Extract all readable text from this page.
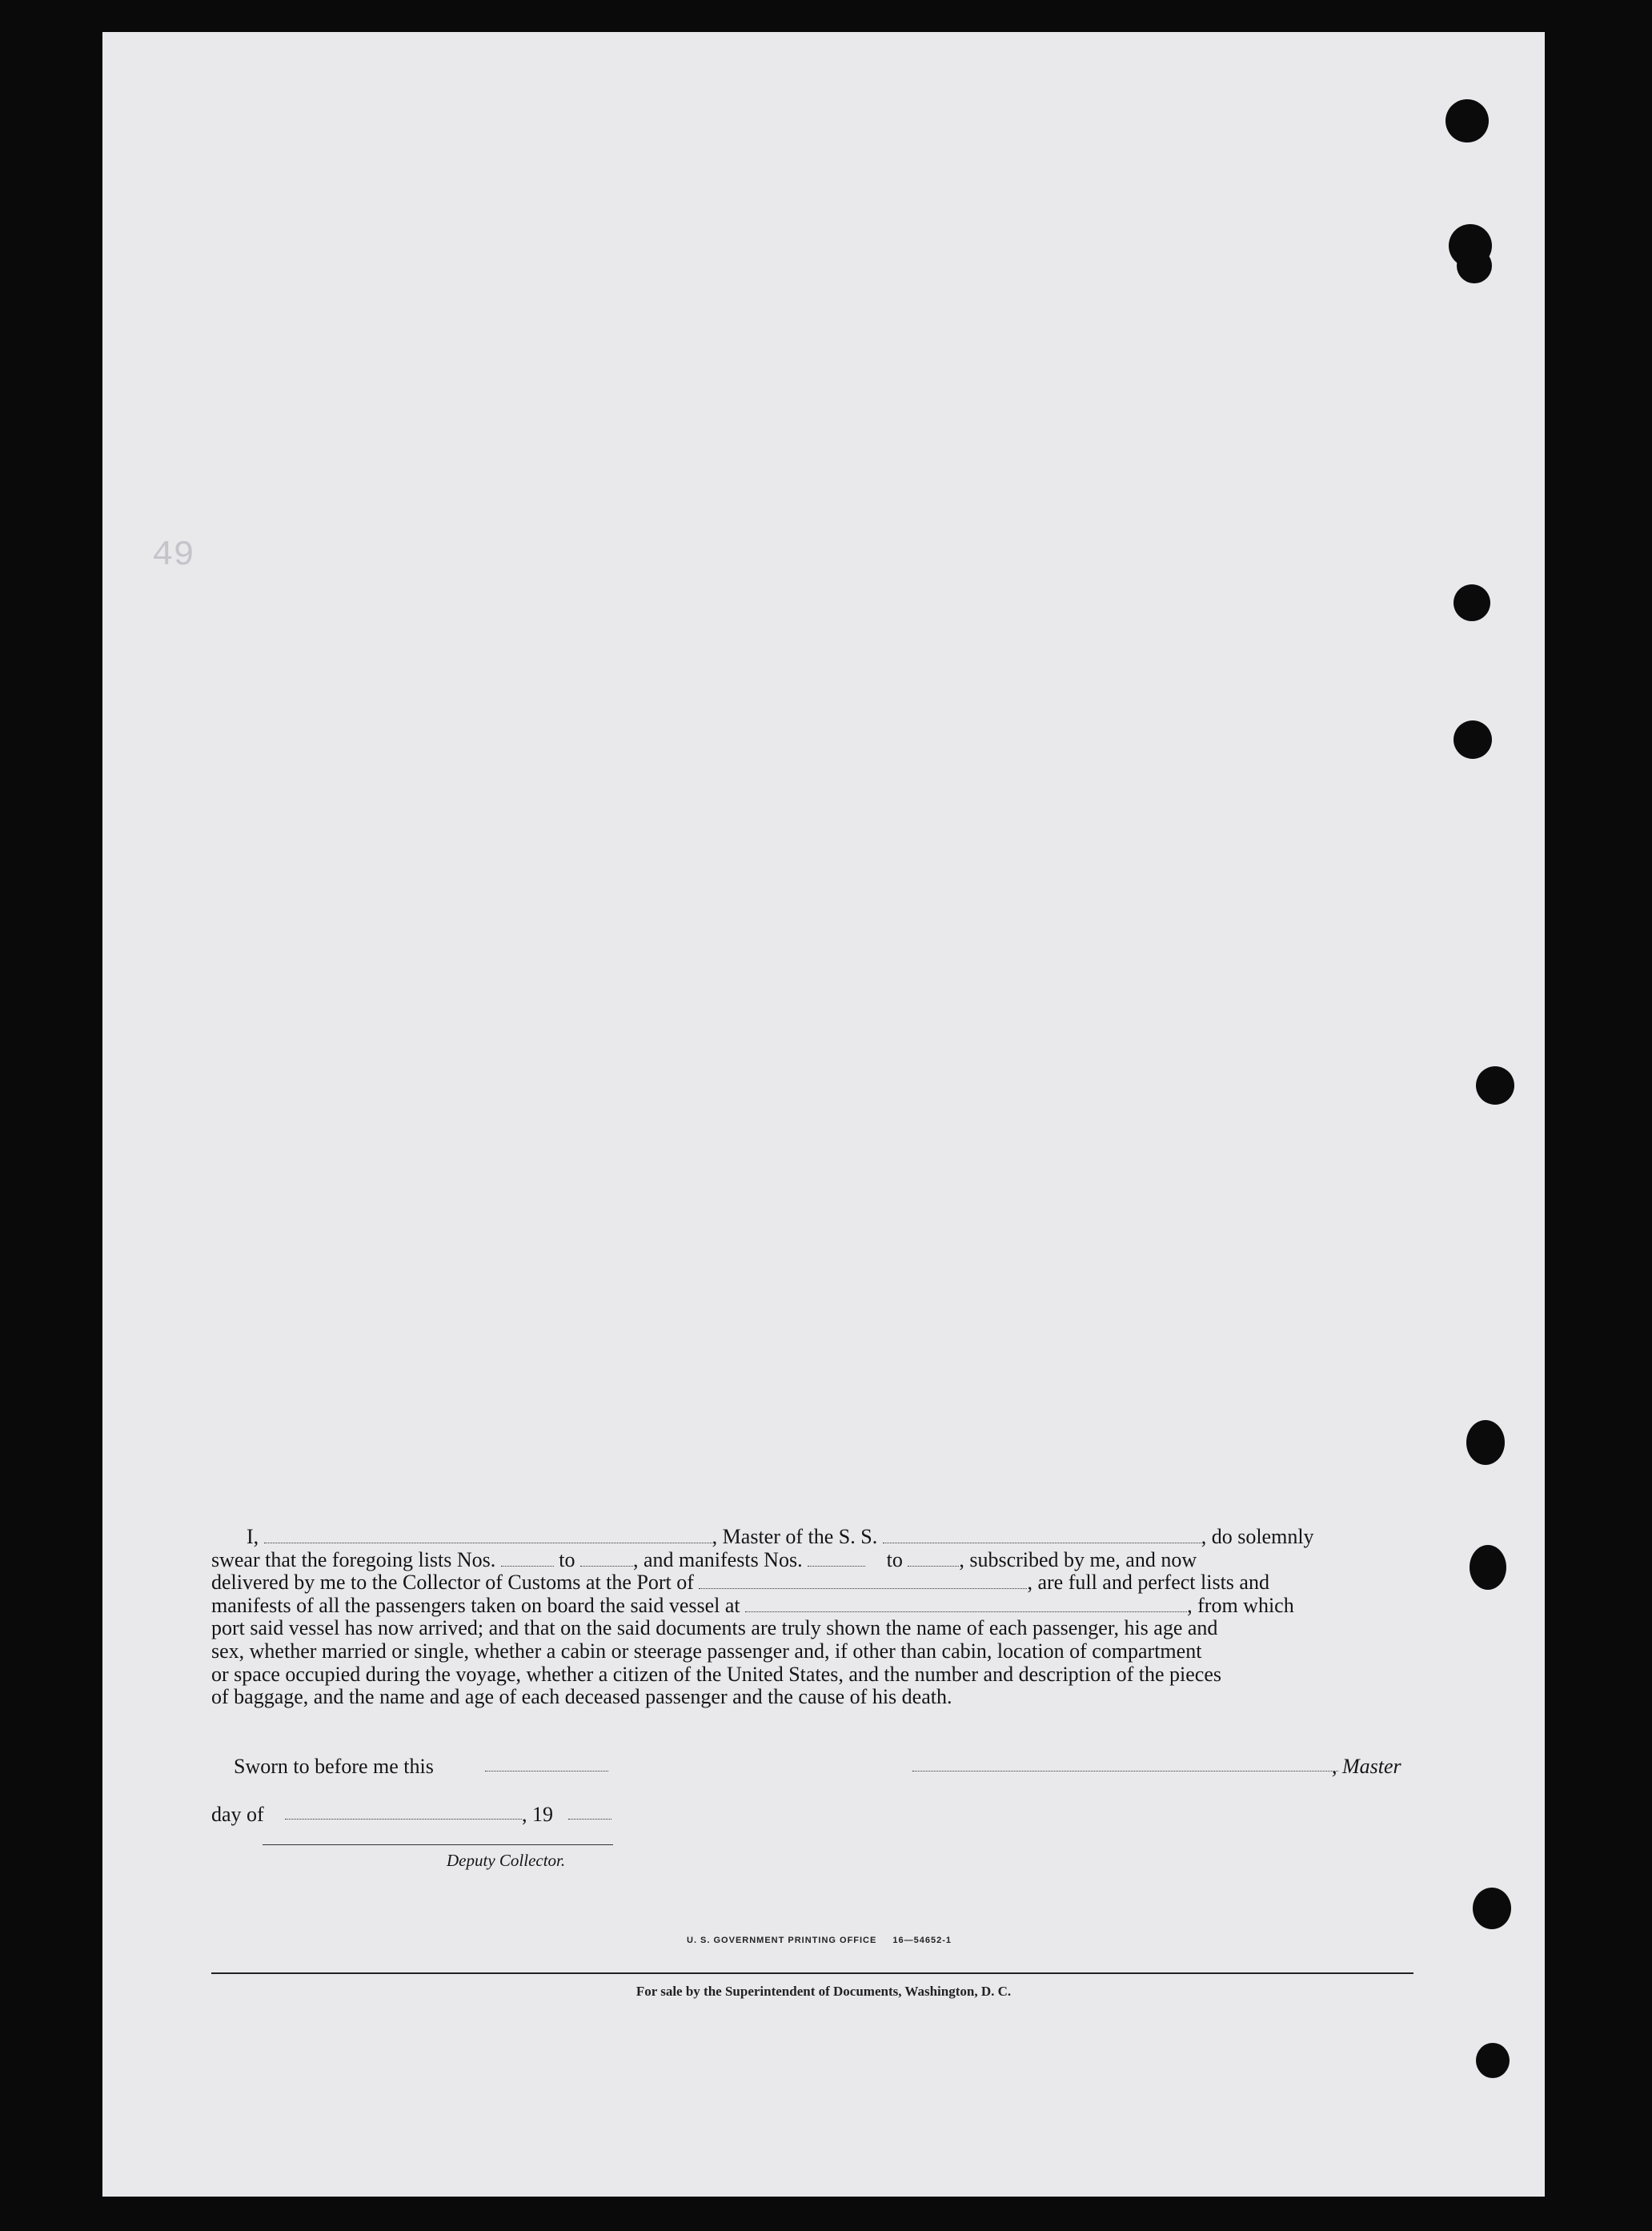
49
I,	, Master of the S. S.	, do solemnly
swear that the foregoing lists Nos.	to	, and manifests Nos.	to	, subscribed by me, and now
delivered by me to the Collector of Customs at the Port of	, are full and perfect lists and
manifests of all the passengers taken on board the said vessel at	, from which
port said vessel has now arrived; and that on the said documents are truly shown the name of each passenger, his age and
sex, whether married or single, whether a cabin or steerage passenger and, if other than cabin, location of compartment
or space occupied during the voyage, whether a citizen of the United States, and the number and description of the pieces
of baggage, and the name and age of each deceased passenger and the cause of his death.
Sworn to before me this	, Master
day of	, 19
Deputy Collector.
U. S. GOVERNMENT PRINTING OFFICE 16—54652-1
For sale by the Superintendent of Documents, Washington, D. C.
